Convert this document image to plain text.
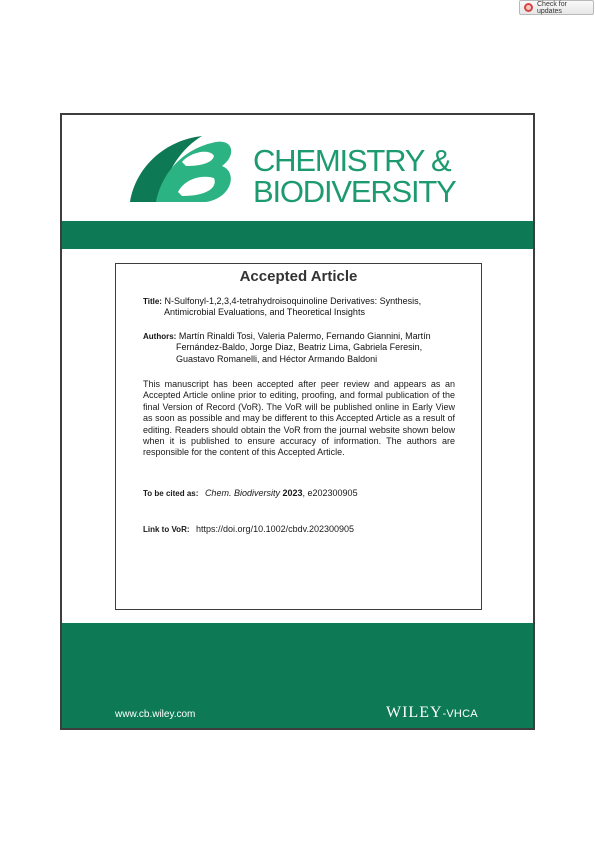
Check for updates
CHEMISTRY &
BIODIVERSITY
Accepted Article
Title: N-Sulfonyl-1,2,3,4-tetrahydroisoquinoline Derivatives: Synthesis, Antimicrobial Evaluations, and Theoretical Insights
Authors: Martín Rinaldi Tosi, Valeria Palermo, Fernando Giannini, Martín Fernández-Baldo, Jorge Diaz, Beatriz Lima, Gabriela Feresin, Guastavo Romanelli, and Héctor Armando Baldoni
This manuscript has been accepted after peer review and appears as an Accepted Article online prior to editing, proofing, and formal publication of the final Version of Record (VoR). The VoR will be published online in Early View as soon as possible and may be different to this Accepted Article as a result of editing. Readers should obtain the VoR from the journal website shown below when it is published to ensure accuracy of information. The authors are responsible for the content of this Accepted Article.
To be cited as: Chem. Biodiversity 2023, e202300905
Link to VoR: https://doi.org/10.1002/cbdv.202300905
www.cb.wiley.com	WILEY-VHCA
